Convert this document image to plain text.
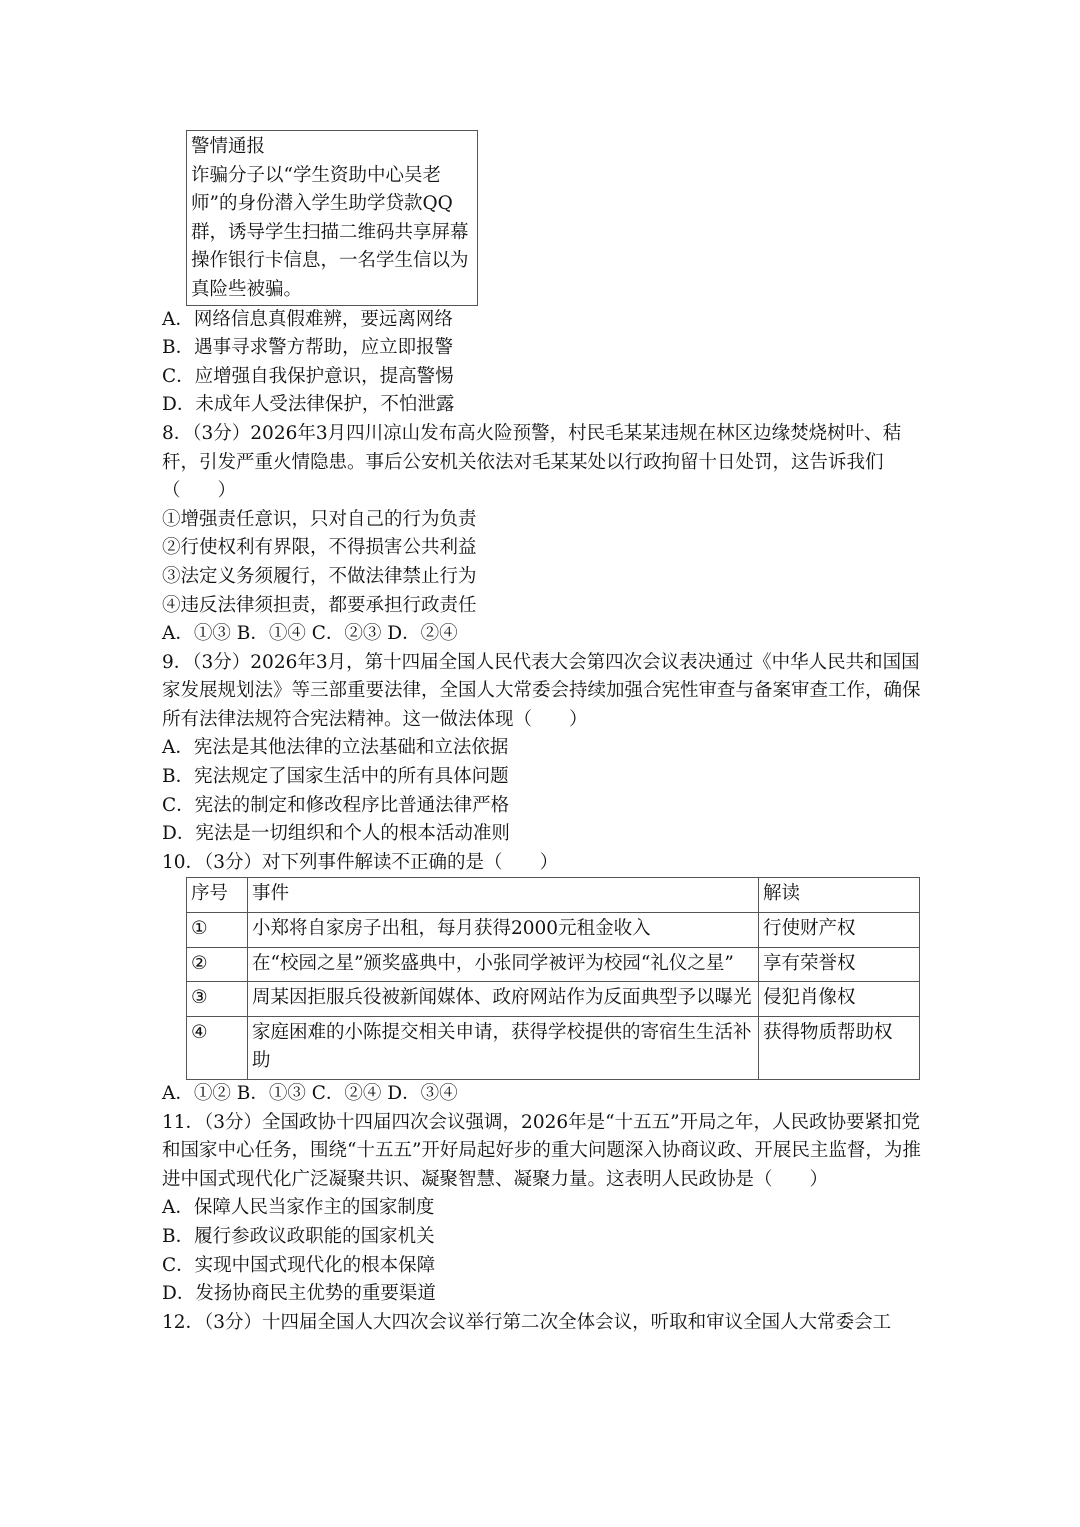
警情通报
诈骗分子以“学生资助中心吴老师”的身份潜入学生助学贷款QQ群，诱导学生扫描二维码共享屏幕操作银行卡信息，一名学生信以为真险些被骗。
A．网络信息真假难辨，要远离网络
B．遇事寻求警方帮助，应立即报警
C．应增强自我保护意识，提高警惕
D．未成年人受法律保护，不怕泄露
8．（3分）2026年3月四川凉山发布高火险预警，村民毛某某违规在林区边缘焚烧树叶、秸秆，引发严重火情隐患。事后公安机关依法对毛某某处以行政拘留十日处罚，这告诉我们（　　）
①增强责任意识，只对自己的行为负责
②行使权利有界限，不得损害公共利益
③法定义务须履行，不做法律禁止行为
④违反法律须担责，都要承担行政责任
A．①③ B．①④ C．②③ D．②④
9．（3分）2026年3月，第十四届全国人民代表大会第四次会议表决通过《中华人民共和国国家发展规划法》等三部重要法律，全国人大常委会持续加强合宪性审查与备案审查工作，确保所有法律法规符合宪法精神。这一做法体现（　　）
A．宪法是其他法律的立法基础和立法依据
B．宪法规定了国家生活中的所有具体问题
C．宪法的制定和修改程序比普通法律严格
D．宪法是一切组织和个人的根本活动准则
10．（3分）对下列事件解读不正确的是（　　）
序号	事件	解读
①	小郑将自家房子出租，每月获得2000元租金收入	行使财产权
②	在“校园之星”颁奖盛典中，小张同学被评为校园“礼仪之星”	享有荣誉权
③	周某因拒服兵役被新闻媒体、政府网站作为反面典型予以曝光	侵犯肖像权
④	家庭困难的小陈提交相关申请，获得学校提供的寄宿生生活补助	获得物质帮助权
A．①② B．①③ C．②④ D．③④
11．（3分）全国政协十四届四次会议强调，2026年是“十五五”开局之年，人民政协要紧扣党和国家中心任务，围绕“十五五”开好局起好步的重大问题深入协商议政、开展民主监督，为推进中国式现代化广泛凝聚共识、凝聚智慧、凝聚力量。这表明人民政协是（　　）
A．保障人民当家作主的国家制度
B．履行参政议政职能的国家机关
C．实现中国式现代化的根本保障
D．发扬协商民主优势的重要渠道
12．（3分）十四届全国人大四次会议举行第二次全体会议，听取和审议全国人大常委会工
